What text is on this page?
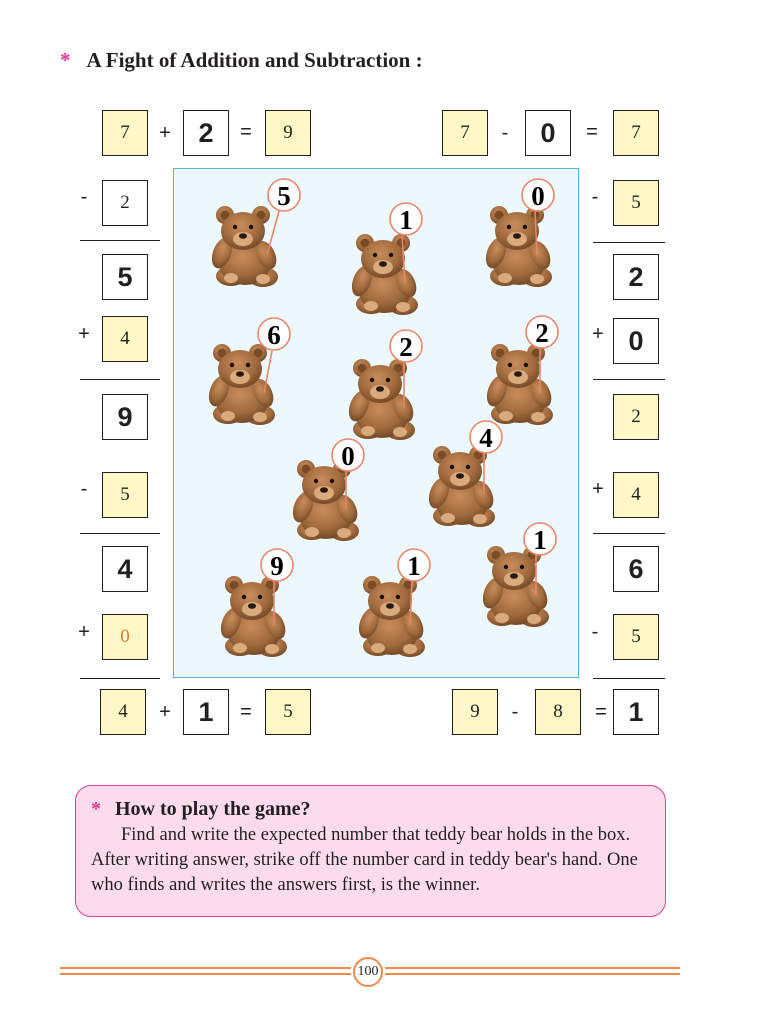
* A Fight of Addition and Subtraction :
7	+	2	=	9
-	2
5
+	4
9
-	5
4
+	0
4	+	1	=	5
5
1
0
6	2	2
0
4
9	1
1
7	-	0	=	7
-	5
2
+ 0
2
+	4
6
-	5
9	-	8	= 1
* How to play the game?
Find and write the expected number that teddy bear holds in the box. After writing answer, strike off the number card in teddy bear's hand. One who finds and writes the answers first, is the winner.
100
